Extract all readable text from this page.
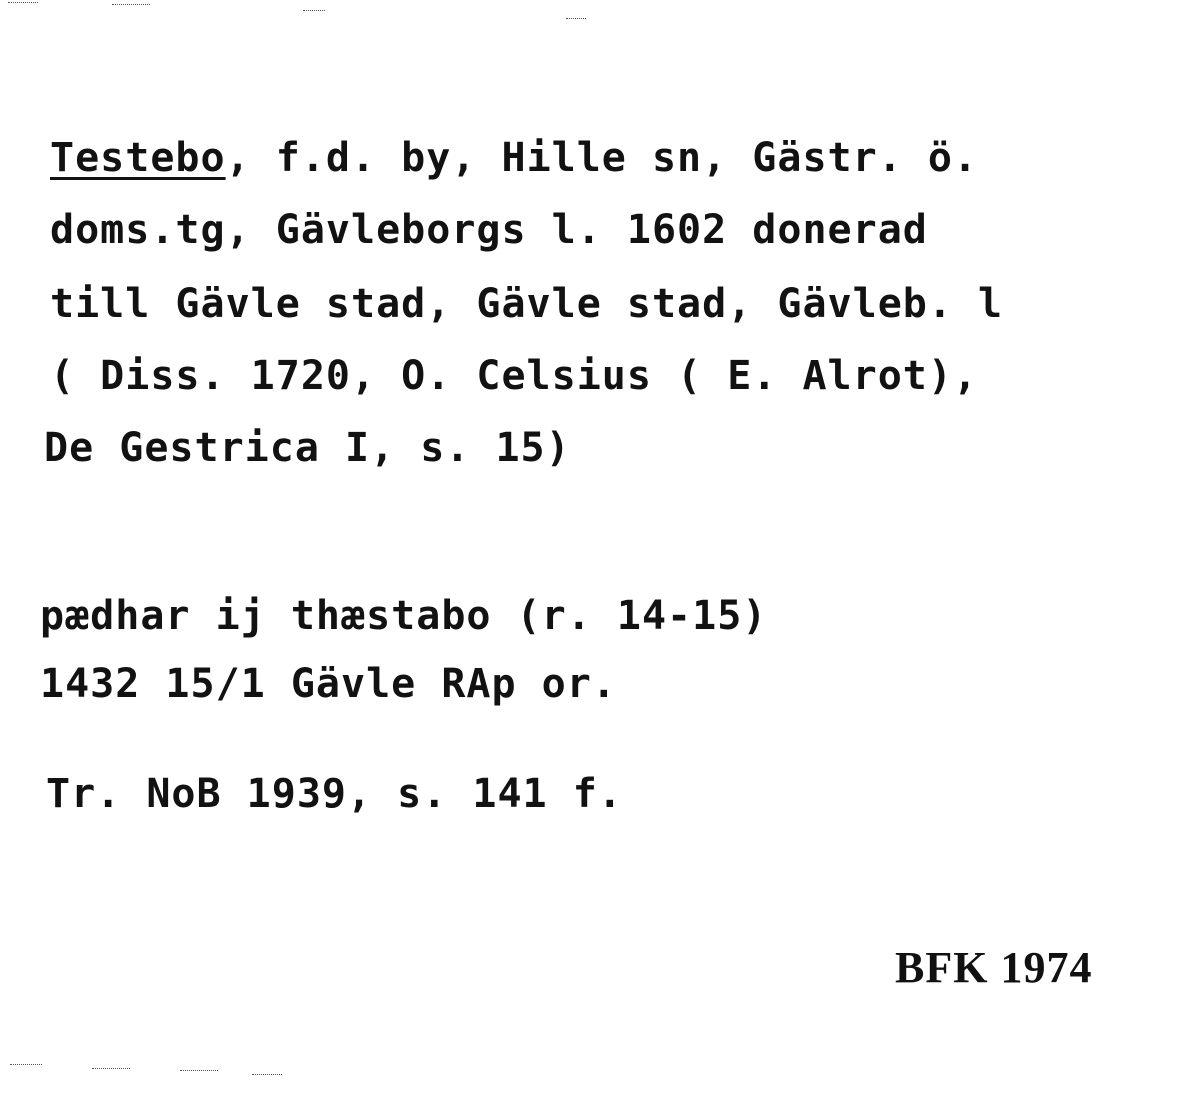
Testebo, f.d. by, Hille sn, Gästr. ö.
doms.tg, Gävleborgs l. 1602 donerad
till Gävle stad, Gävle stad, Gävleb. l
( Diss. 1720, O. Celsius ( E. Alrot),
De Gestrica I, s. 15)
pædhar ij thæstabo (r. 14-15)
1432 15/1 Gävle RAp or.
Tr. NoB 1939, s. 141 f.
BFK 1974
